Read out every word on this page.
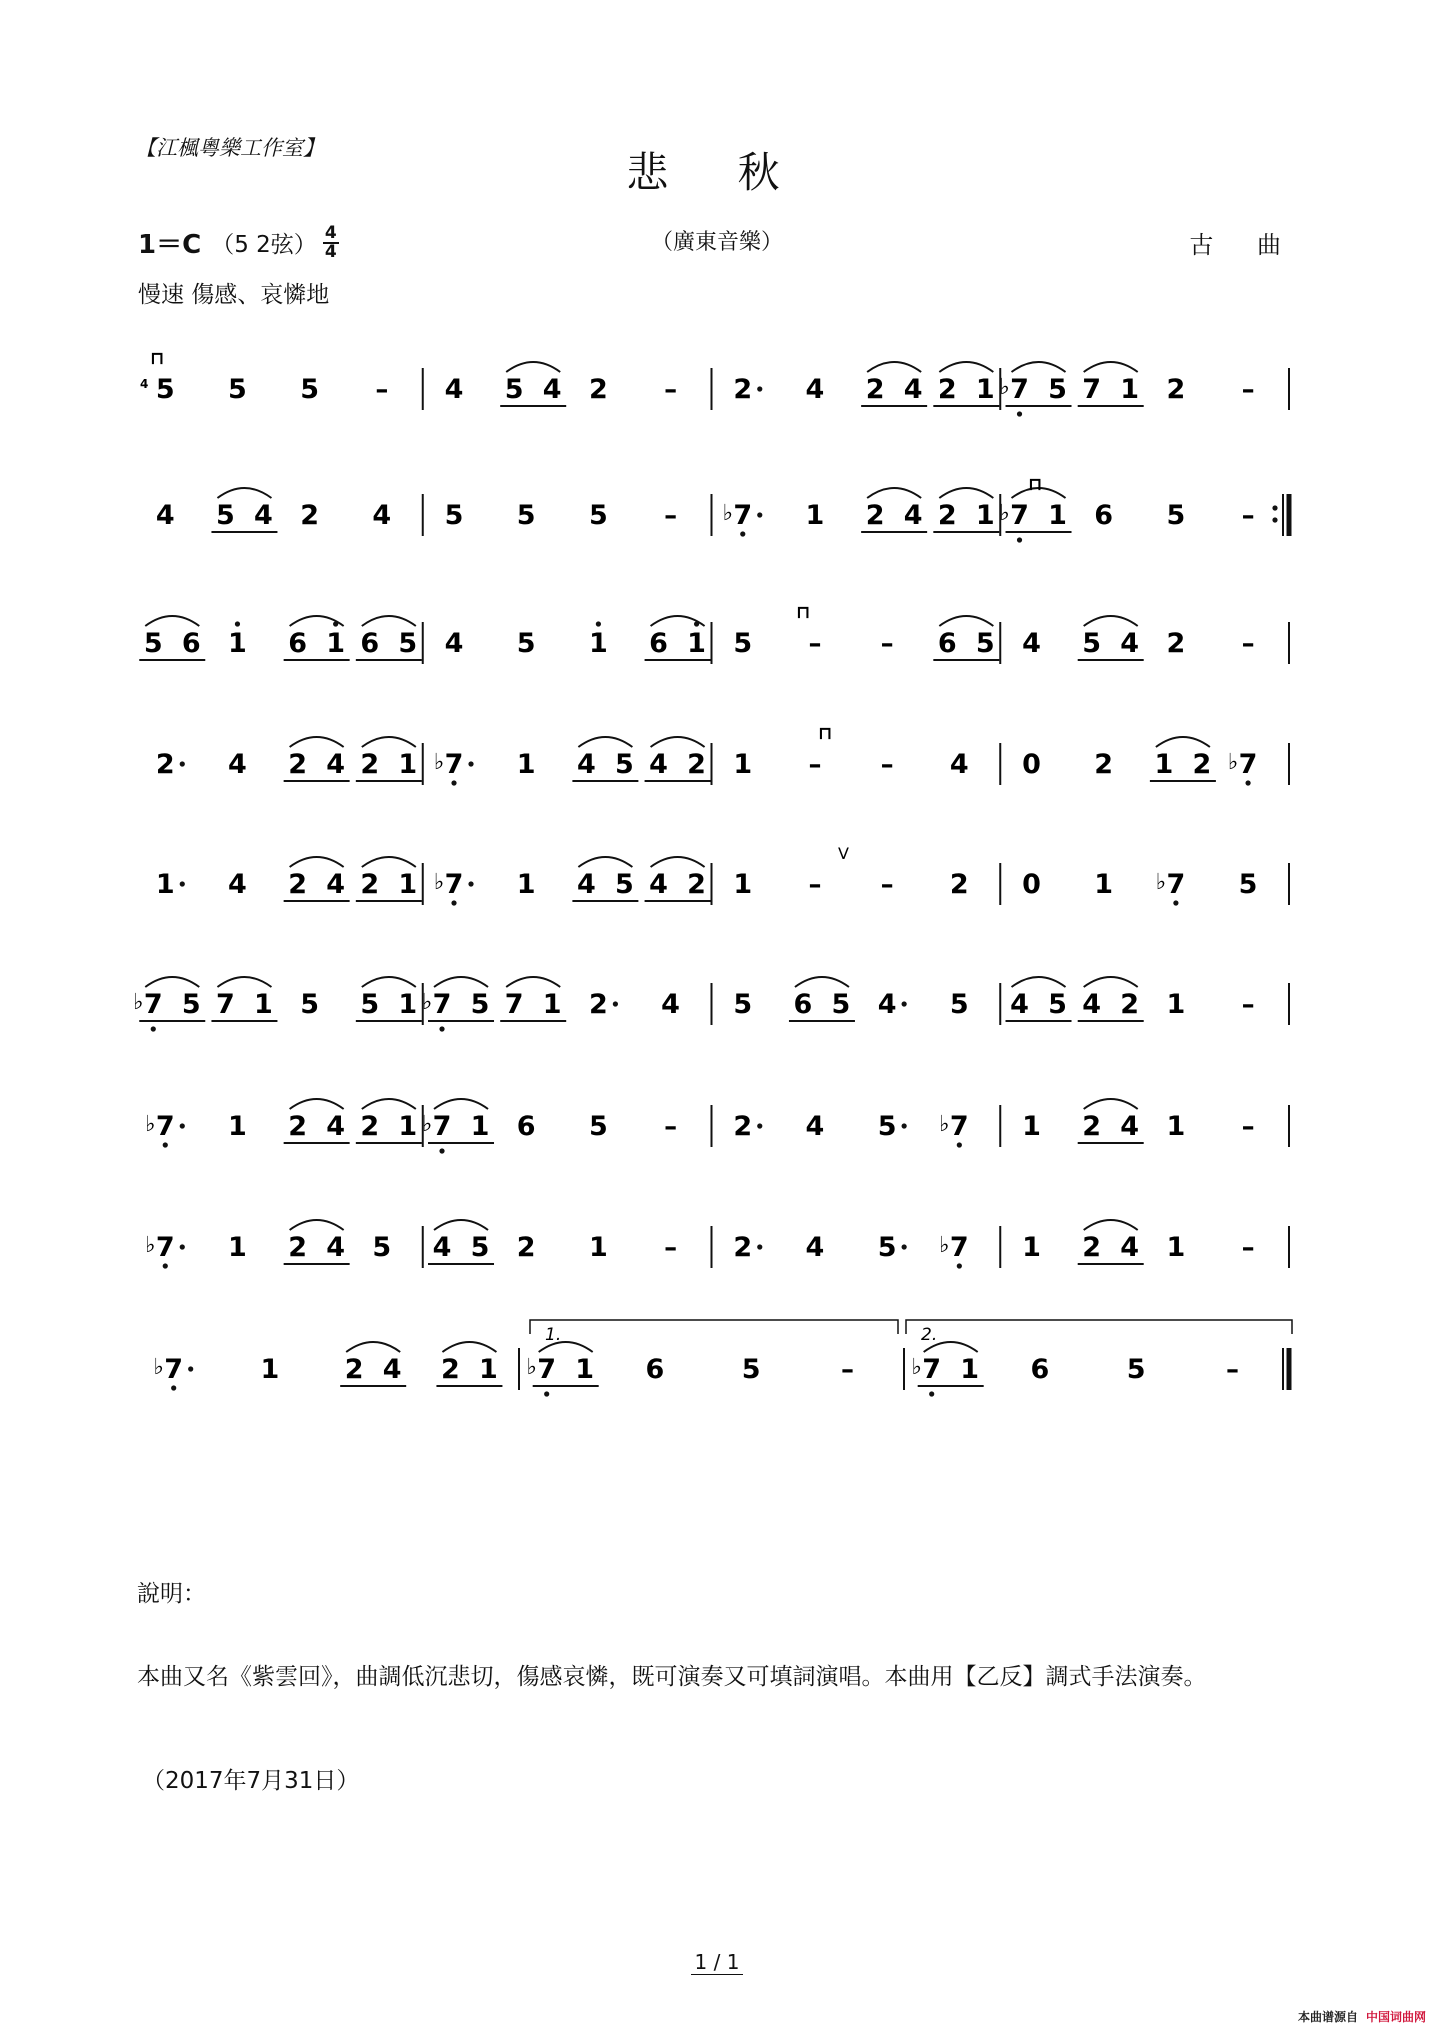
【江楓粵樂工作室】	悲 秋
（廣東音樂）	古 曲
1＝C （5 2弦） $\frac{4}{4}$
慢速 傷感、哀憐地
5 5 5 – 4 5 4 2 – 2 4 2 4 2 1 ♭ 7 5 7 1 2 –
4 5 4 2 4 5 5 5 – ♭ 7 1 2 4 2 1 ♭ 7 1 6 5 –
5 6 1 6 1 6 5 4 5 1 6 1 5 – – 6 5 4 5 4 2 –
2 4 2 4 2 1 ♭ 7 1 4 5 4 2 1 – – 4 0 2 1 2 ♭ 7
1 4 2 4 2 1 ♭ 7 1 4 5 4 2 1 – – 2 0 1 ♭ 7 5
♭ 7 5 7 1 5 5 1 ♭ 7 5 7 1 2 4 5 6 5 4 5 4 5 4 2 1 –
♭ 7 1 2 4 2 1 ♭ 7 1 6 5 – 2 4 5 ♭ 7 1 2 4 1 –
♭ 7 1 2 4 5 4 5 2 1 – 2 4 5 ♭ 7 1 2 4 1 –
♭ 7	1 2 4 2 1 ♭ 7 1 6	5	–	♭ 7 1 6	5	–
1.	2.
⊓
4
⊓
⊓
⊓
V
說明：
本曲又名《紫雲回》，曲調低沉悲切，傷感哀憐，既可演奏又可填詞演唱。本曲用【乙反】調式手法演奏。
（2017年7月31日）
1 / 1
本曲谱源自 中国词曲网
